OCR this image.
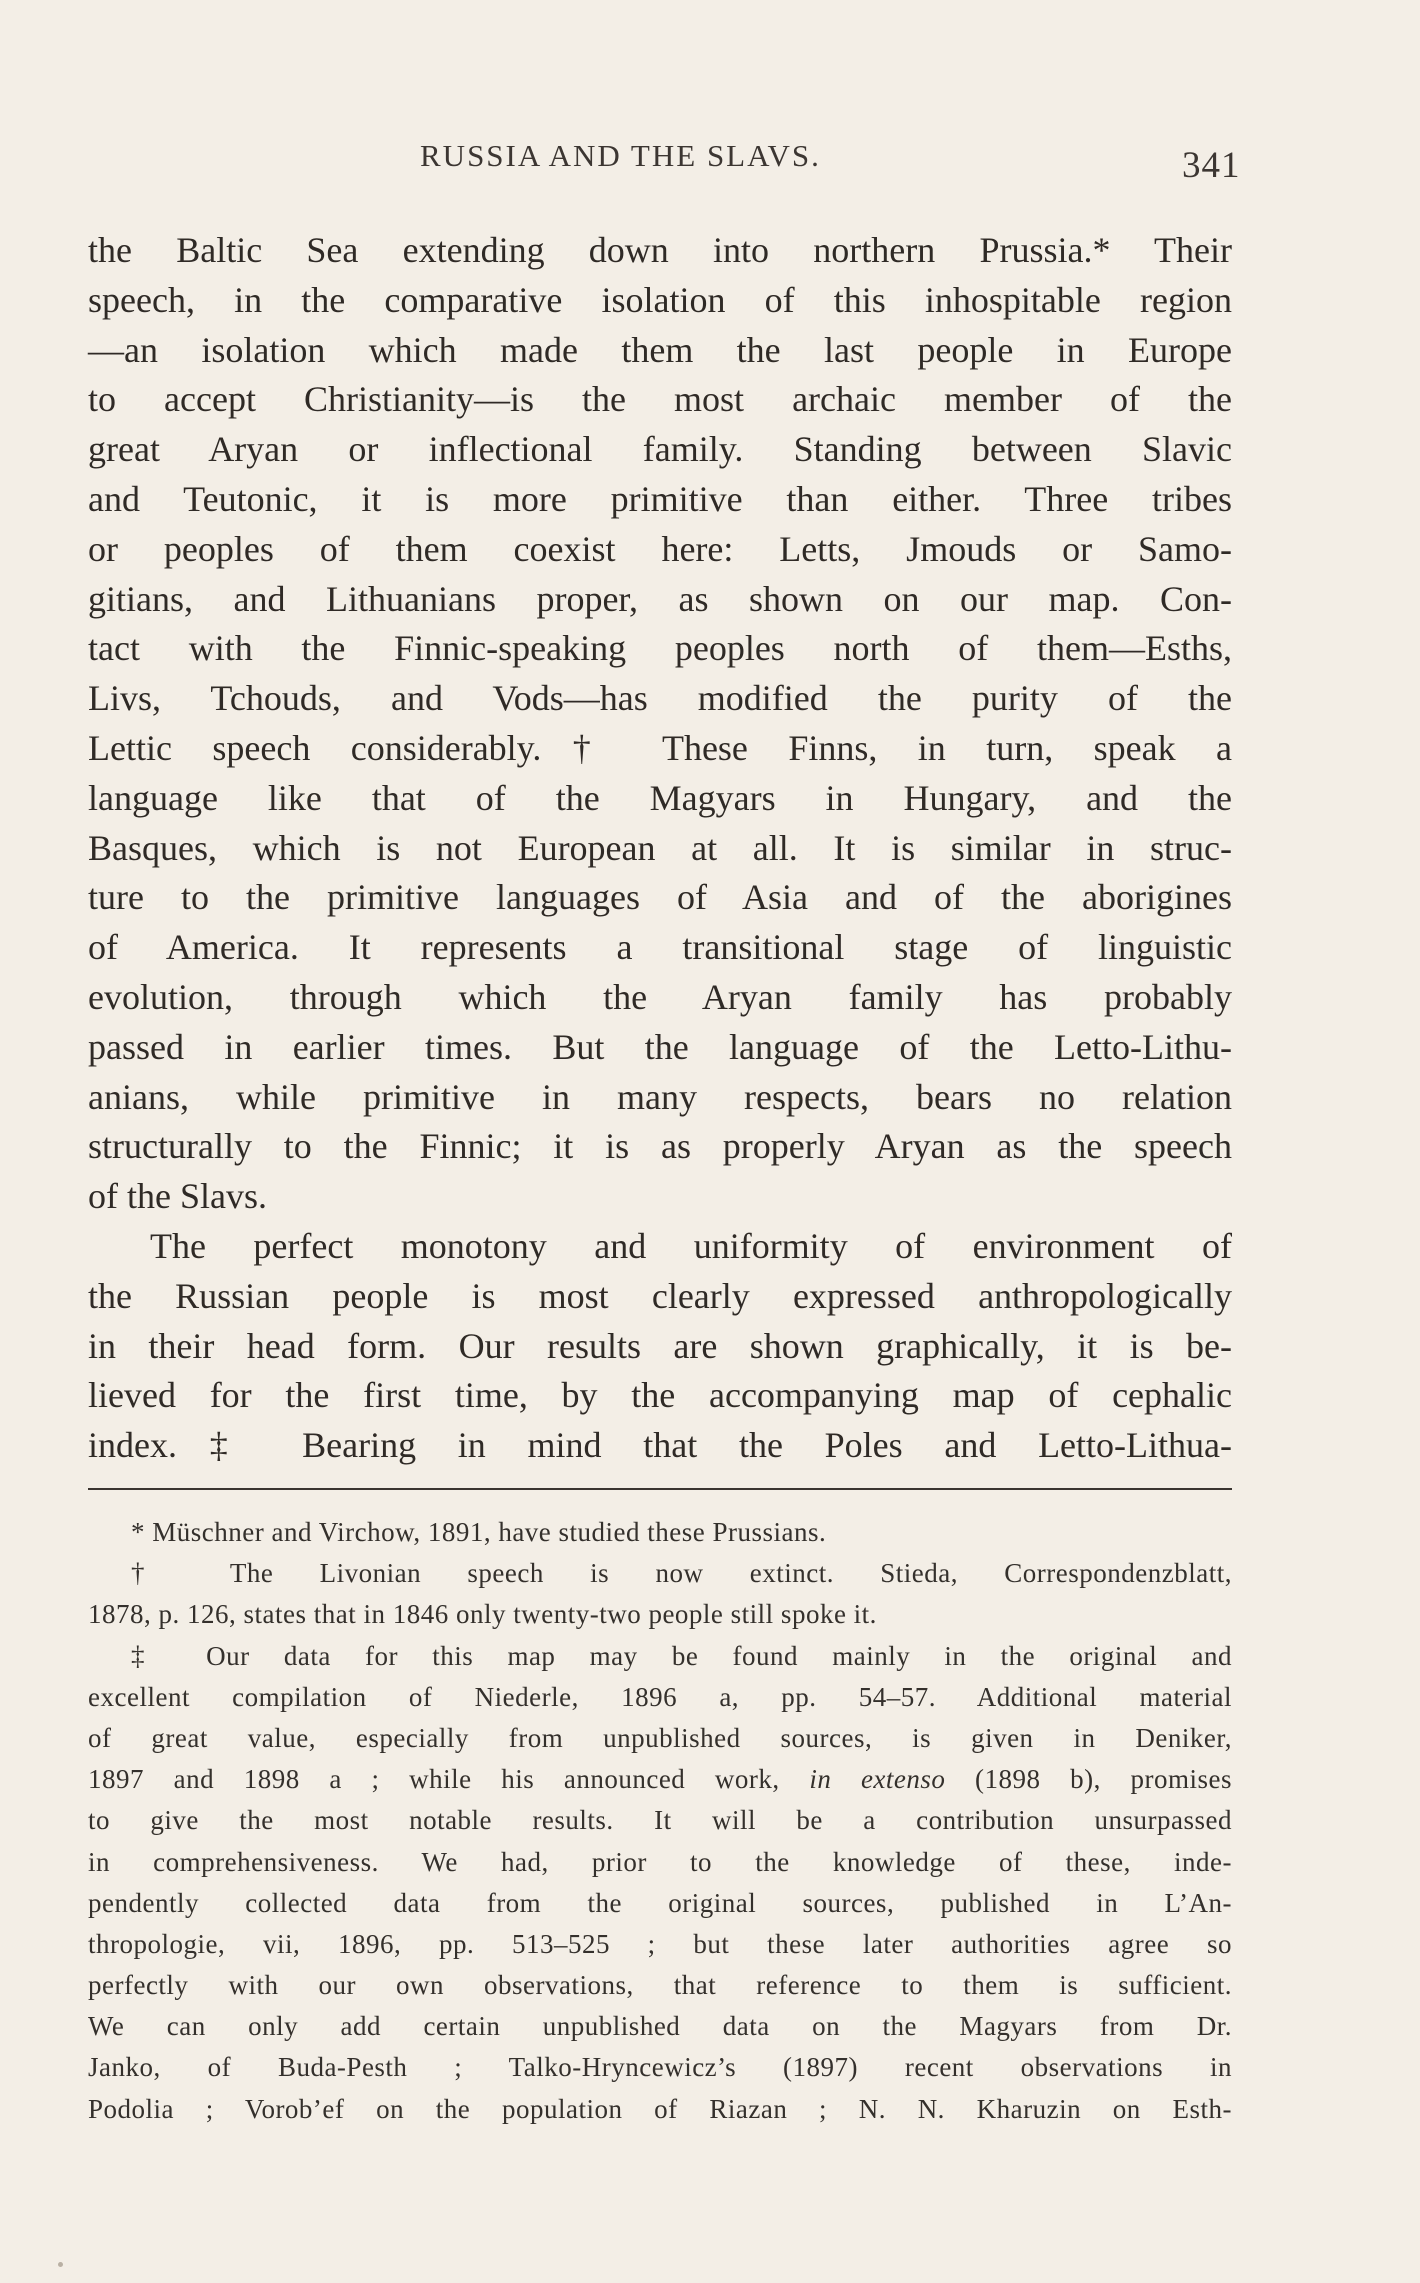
RUSSIA AND THE SLAVS.	341
the Baltic Sea extending down into northern Prussia.* Their
speech, in the comparative isolation of this inhospitable region
—an isolation which made them the last people in Europe
to accept Christianity—is the most archaic member of the
great Aryan or inflectional family. Standing between Slavic
and Teutonic, it is more primitive than either. Three tribes
or peoples of them coexist here: Letts, Jmouds or Samo-
gitians, and Lithuanians proper, as shown on our map. Con-
tact with the Finnic-speaking peoples north of them—Esths,
Livs, Tchouds, and Vods—has modified the purity of the
Lettic speech considerably.† These Finns, in turn, speak a
language like that of the Magyars in Hungary, and the
Basques, which is not European at all. It is similar in struc-
ture to the primitive languages of Asia and of the aborigines
of America. It represents a transitional stage of linguistic
evolution, through which the Aryan family has probably
passed in earlier times. But the language of the Letto-Lithu-
anians, while primitive in many respects, bears no relation
structurally to the Finnic; it is as properly Aryan as the speech
of the Slavs.
The perfect monotony and uniformity of environment of
the Russian people is most clearly expressed anthropologically
in their head form. Our results are shown graphically, it is be-
lieved for the first time, by the accompanying map of cephalic
index.‡ Bearing in mind that the Poles and Letto-Lithua-
* Müschner and Virchow, 1891, have studied these Prussians.
† The Livonian speech is now extinct. Stieda, Correspondenzblatt,
1878, p. 126, states that in 1846 only twenty-two people still spoke it.
‡ Our data for this map may be found mainly in the original and
excellent compilation of Niederle, 1896 a, pp. 54–57. Additional material
of great value, especially from unpublished sources, is given in Deniker,
1897 and 1898 a ; while his announced work, in extenso (1898 b), promises
to give the most notable results. It will be a contribution unsurpassed
in comprehensiveness. We had, prior to the knowledge of these, inde-
pendently collected data from the original sources, published in L’An-
thropologie, vii, 1896, pp. 513–525 ; but these later authorities agree so
perfectly with our own observations, that reference to them is sufficient.
We can only add certain unpublished data on the Magyars from Dr.
Janko, of Buda-Pesth ; Talko-Hryncewicz’s (1897) recent observations in
Podolia ; Vorob’ef on the population of Riazan ; N. N. Kharuzin on Esth-
